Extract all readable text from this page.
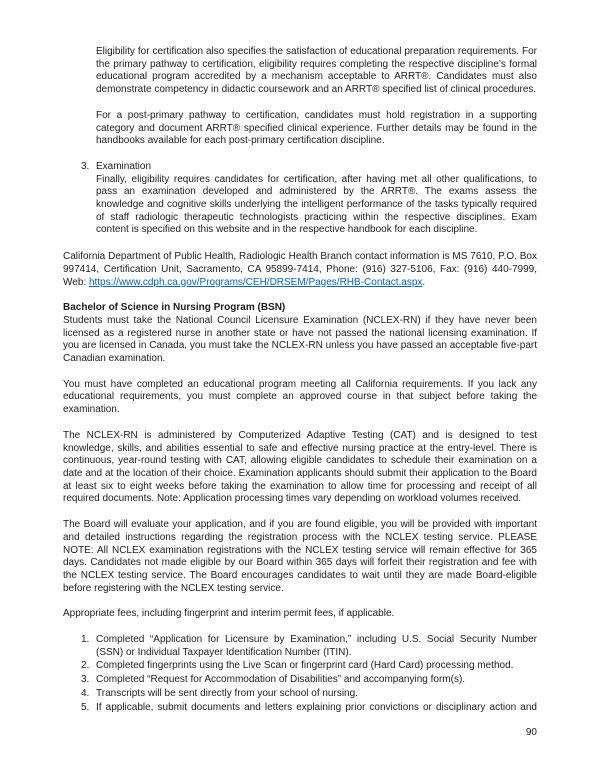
Eligibility for certification also specifies the satisfaction of educational preparation requirements. For the primary pathway to certification, eligibility requires completing the respective discipline’s formal educational program accredited by a mechanism acceptable to ARRT®. Candidates must also demonstrate competency in didactic coursework and an ARRT® specified list of clinical procedures.

For a post-primary pathway to certification, candidates must hold registration in a supporting category and document ARRT® specified clinical experience. Further details may be found in the handbooks available for each post-primary certification discipline.

3. Examination

Finally, eligibility requires candidates for certification, after having met all other qualifications, to pass an examination developed and administered by the ARRT®. The exams assess the knowledge and cognitive skills underlying the intelligent performance of the tasks typically required of staff radiologic therapeutic technologists practicing within the respective disciplines. Exam content is specified on this website and in the respective handbook for each discipline.

California Department of Public Health, Radiologic Health Branch contact information is MS 7610, P.O. Box 997414, Certification Unit, Sacramento, CA 95899-7414, Phone: (916) 327-5106, Fax: (916) 440-7999, Web: https://www.cdph.ca.gov/Programs/CEH/DRSEM/Pages/RHB-Contact.aspx.

Bachelor of Science in Nursing Program (BSN)

Students must take the National Council Licensure Examination (NCLEX-RN) if they have never been licensed as a registered nurse in another state or have not passed the national licensing examination. If you are licensed in Canada, you must take the NCLEX-RN unless you have passed an acceptable five-part Canadian examination.

You must have completed an educational program meeting all California requirements. If you lack any educational requirements, you must complete an approved course in that subject before taking the examination.

The NCLEX-RN is administered by Computerized Adaptive Testing (CAT) and is designed to test knowledge, skills, and abilities essential to safe and effective nursing practice at the entry-level. There is continuous, year-round testing with CAT, allowing eligible candidates to schedule their examination on a date and at the location of their choice. Examination applicants should submit their application to the Board at least six to eight weeks before taking the examination to allow time for processing and receipt of all required documents. Note: Application processing times vary depending on workload volumes received.

The Board will evaluate your application, and if you are found eligible, you will be provided with important and detailed instructions regarding the registration process with the NCLEX testing service. PLEASE NOTE: All NCLEX examination registrations with the NCLEX testing service will remain effective for 365 days. Candidates not made eligible by our Board within 365 days will forfeit their registration and fee with the NCLEX testing service. The Board encourages candidates to wait until they are made Board-eligible before registering with the NCLEX testing service.

Appropriate fees, including fingerprint and interim permit fees, if applicable.

1. Completed “Application for Licensure by Examination,” including U.S. Social Security Number (SSN) or Individual Taxpayer Identification Number (ITIN).
2. Completed fingerprints using the Live Scan or fingerprint card (Hard Card) processing method.
3. Completed “Request for Accommodation of Disabilities” and accompanying form(s).
4. Transcripts will be sent directly from your school of nursing.
5. If applicable, submit documents and letters explaining prior convictions or disciplinary action and
90
